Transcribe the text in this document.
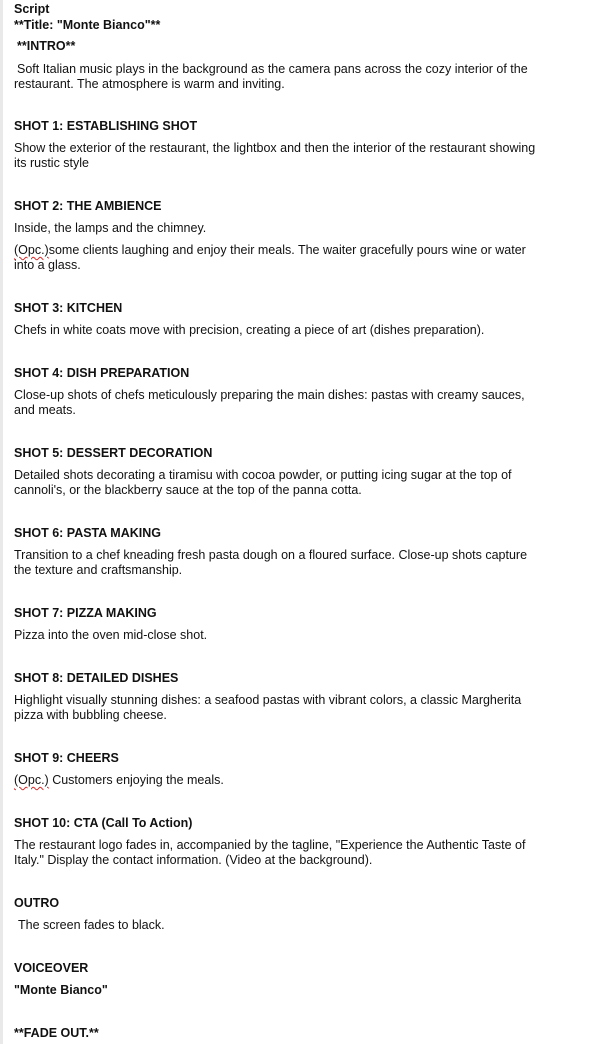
Script

**Title: "Monte Bianco"**

**INTRO**

Soft Italian music plays in the background as the camera pans across the cozy interior of the

restaurant. The atmosphere is warm and inviting.

SHOT 1: ESTABLISHING SHOT

Show the exterior of the restaurant, the lightbox and then the interior of the restaurant showing

its rustic style

SHOT 2: THE AMBIENCE

Inside, the lamps and the chimney.

(Opc.)some clients laughing and enjoy their meals. The waiter gracefully pours wine or water

into a glass.

SHOT 3: KITCHEN

Chefs in white coats move with precision, creating a piece of art (dishes preparation).

SHOT 4: DISH PREPARATION

Close-up shots of chefs meticulously preparing the main dishes: pastas with creamy sauces,

and meats.

SHOT 5: DESSERT DECORATION

Detailed shots decorating a tiramisu with cocoa powder, or putting icing sugar at the top of

cannoli's, or the blackberry sauce at the top of the panna cotta.

SHOT 6: PASTA MAKING

Transition to a chef kneading fresh pasta dough on a floured surface. Close-up shots capture

the texture and craftsmanship.

SHOT 7: PIZZA MAKING

Pizza into the oven mid-close shot.

SHOT 8: DETAILED DISHES

Highlight visually stunning dishes: a seafood pastas with vibrant colors, a classic Margherita

pizza with bubbling cheese.

SHOT 9: CHEERS

(Opc.) Customers enjoying the meals.

SHOT 10: CTA (Call To Action)

The restaurant logo fades in, accompanied by the tagline, "Experience the Authentic Taste of

Italy." Display the contact information. (Video at the background).

OUTRO

The screen fades to black.

VOICEOVER

"Monte Bianco"

**FADE OUT.**
